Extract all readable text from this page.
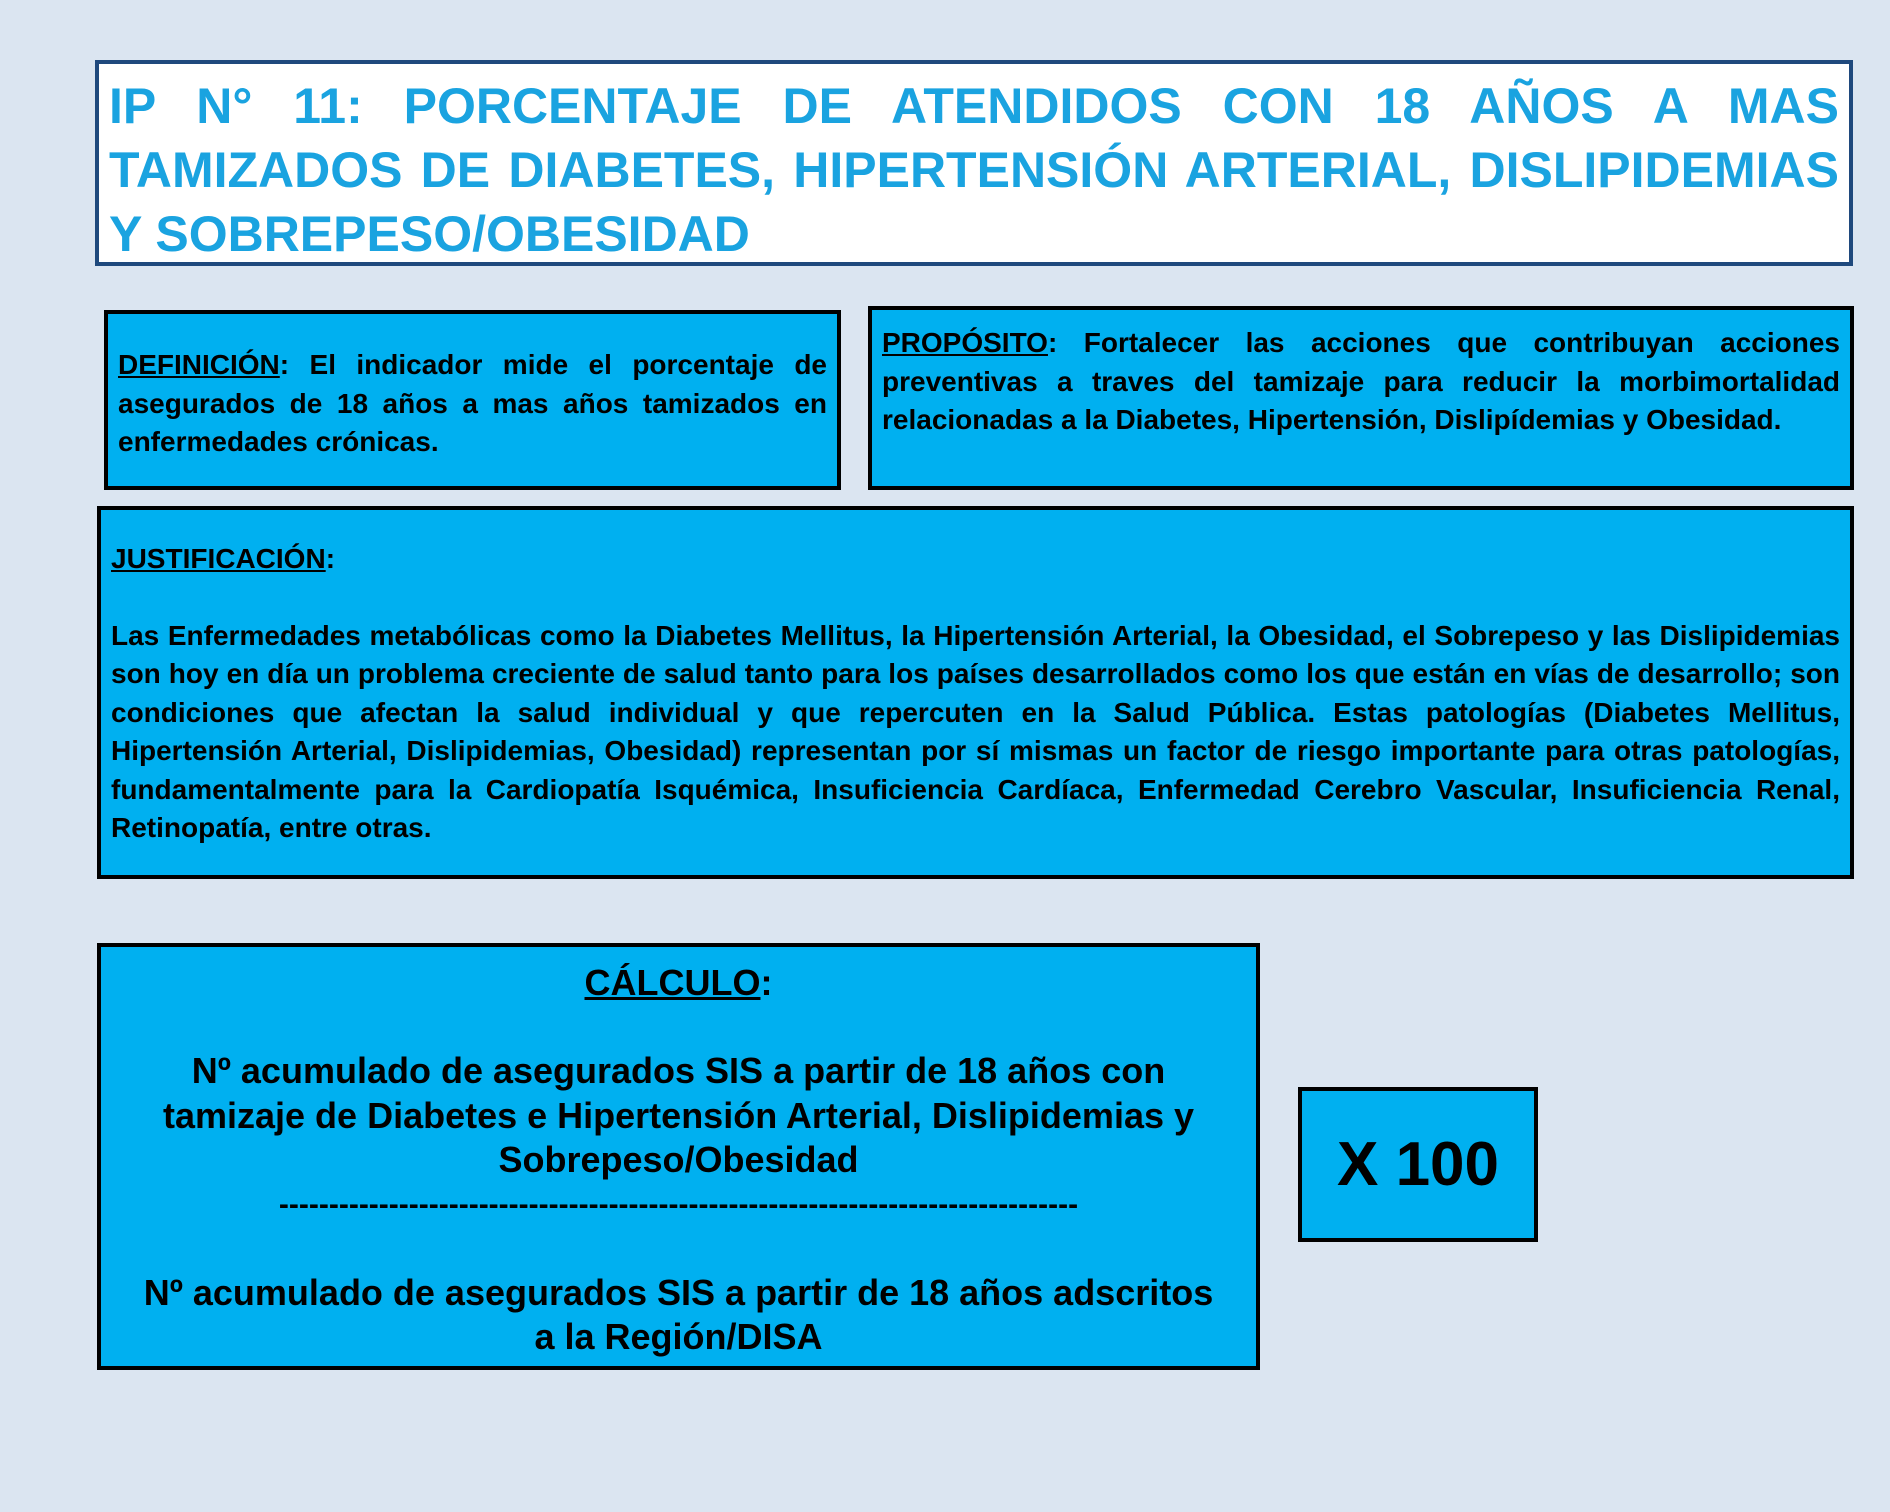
IP N° 11: PORCENTAJE DE ATENDIDOS CON 18 AÑOS A MAS TAMIZADOS DE DIABETES, HIPERTENSIÓN ARTERIAL, DISLIPIDEMIAS Y SOBREPESO/OBESIDAD

DEFINICIÓN: El indicador mide el porcentaje de asegurados de 18 años a mas años tamizados en enfermedades crónicas.

PROPÓSITO: Fortalecer las acciones que contribuyan acciones preventivas a traves del tamizaje para reducir la morbimortalidad relacionadas a la Diabetes, Hipertensión, Dislipídemias y Obesidad.

JUSTIFICACIÓN:

Las Enfermedades metabólicas como la Diabetes Mellitus, la Hipertensión Arterial, la Obesidad, el Sobrepeso y las Dislipidemias son hoy en día un problema creciente de salud tanto para los países desarrollados como los que están en vías de desarrollo; son condiciones que afectan la salud individual y que repercuten en la Salud Pública. Estas patologías (Diabetes Mellitus, Hipertensión Arterial, Dislipidemias, Obesidad) representan por sí mismas un factor de riesgo importante para otras patologías, fundamentalmente para la Cardiopatía Isquémica, Insuficiencia Cardíaca, Enfermedad Cerebro Vascular, Insuficiencia Renal, Retinopatía, entre otras.

CÁLCULO:

Nº acumulado de asegurados SIS a partir de 18 años con

tamizaje de Diabetes e Hipertensión Arterial, Dislipidemias y

Sobrepeso/Obesidad

--------------------------------------------------------------------------------

Nº acumulado de asegurados SIS a partir de 18 años adscritos

a la Región/DISA

X 100
